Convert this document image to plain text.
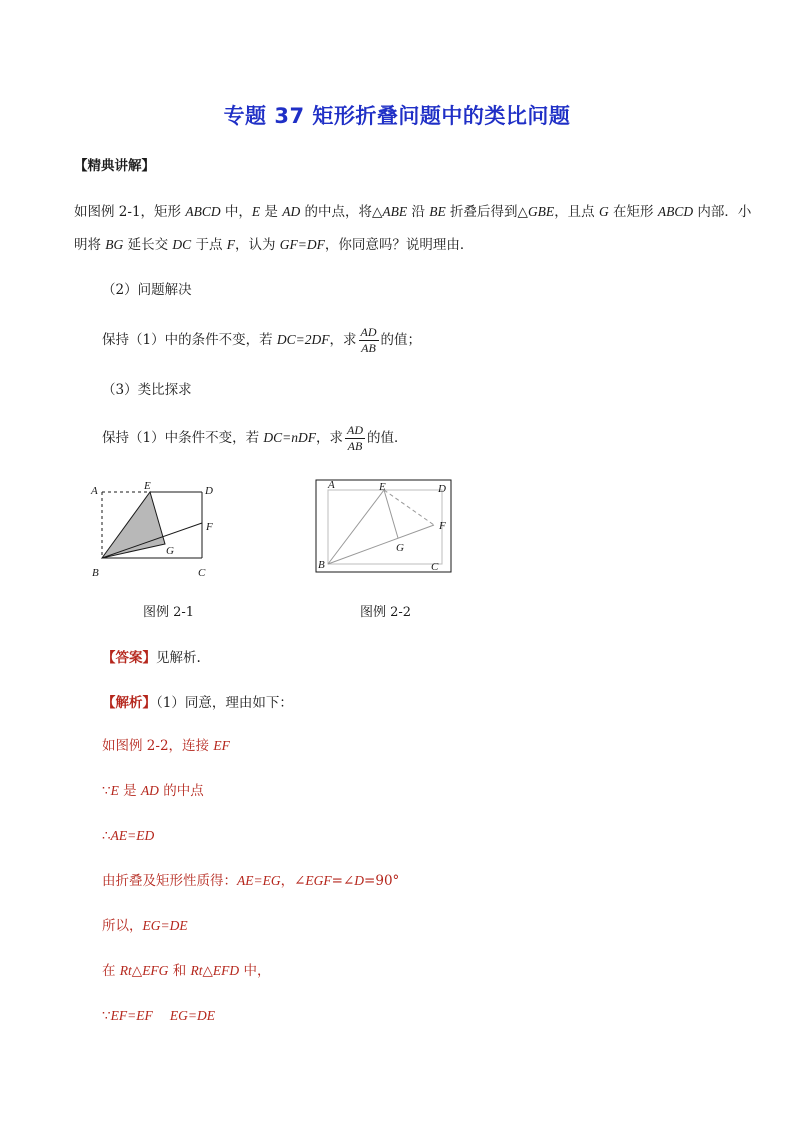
专题 37 矩形折叠问题中的类比问题
【精典讲解】
如图例 2-1，矩形 ABCD 中，E 是 AD 的中点，将△ABE 沿 BE 折叠后得到△GBE，且点 G 在矩形 ABCD 内部．小
明将 BG 延长交 DC 于点 F，认为 GF=DF，你同意吗？说明理由．
（2）问题解决
保持（1）中的条件不变，若 DC=2DF，求 $\frac{AD}{AB}$ 的值；
（3）类比探求
保持（1）中条件不变，若 DC=nDF，求 $\frac{AD}{AB}$ 的值．
A	E	D
F
G
B	C
图例 2-1
A	E	D
F
G
B	C
图例 2-2
【答案】见解析.
【解析】（1）同意，理由如下：
如图例 2-2，连接 EF
∵E 是 AD 的中点
∴AE=ED
由折叠及矩形性质得：AE=EG，∠EGF=∠D=90°
所以，EG=DE
在 Rt△EFG 和 Rt△EFD 中，
∵EF=EF EG=DE
